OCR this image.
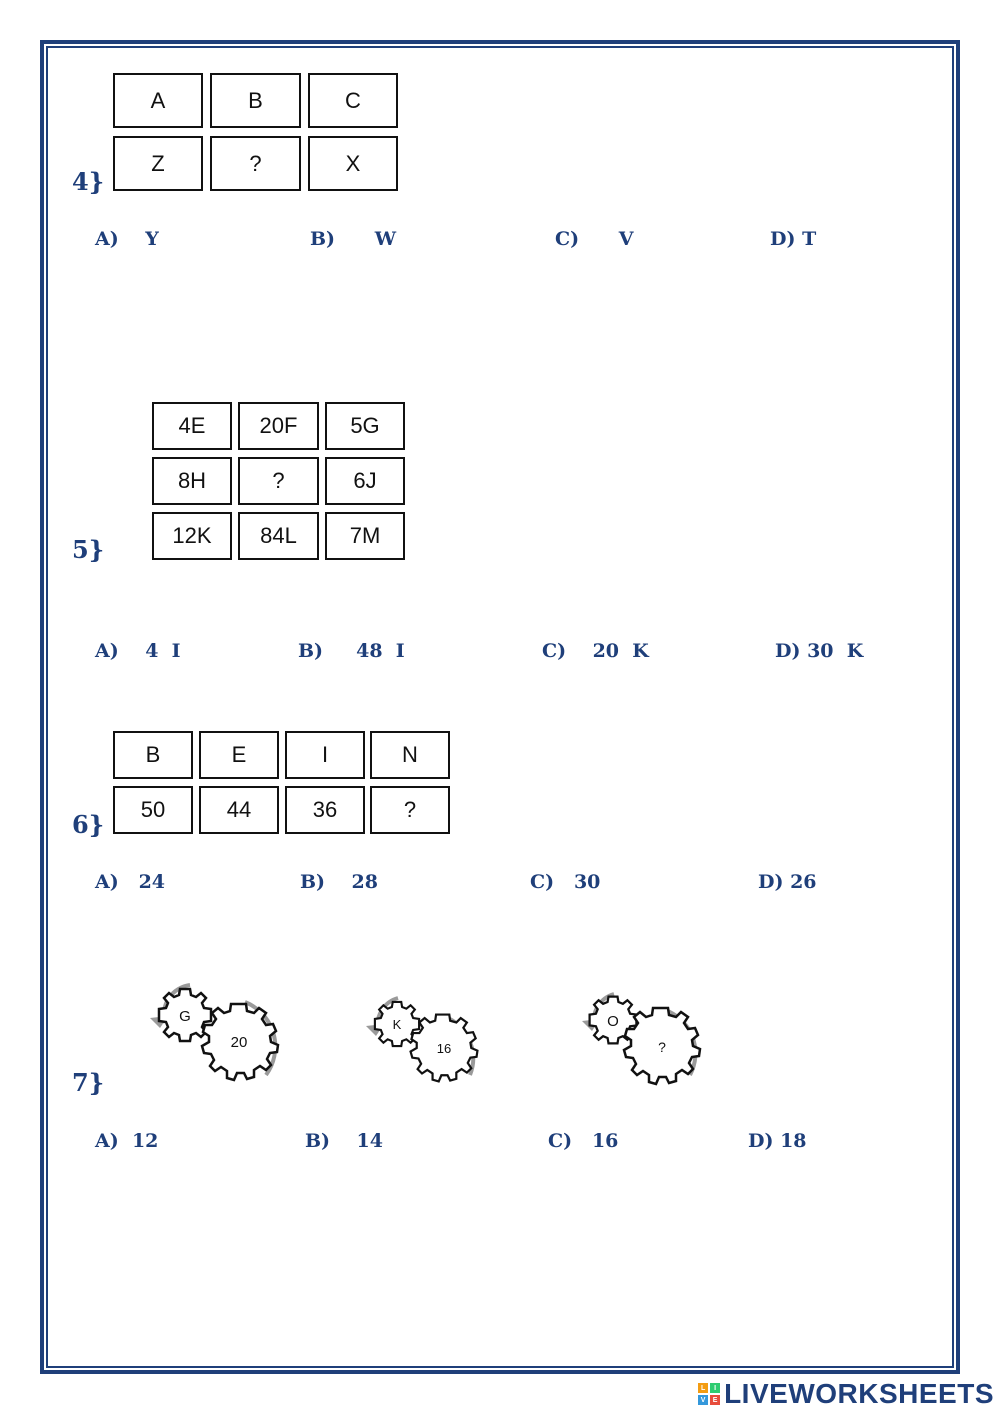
A	B	C
Z	?	X
4}
A)    Y	B)      W	C)      V	D) T
4E	20F	5G
8H	?	6J
12K	84L	7M
5}
A)    4  I	B)     48  I	C)    20  K	D) 30  K
B	E	I	N
50	44	36	?
6}
A)   24	B)    28	C)   30	D) 26
G
20
K
16
O
?
7}
A)  12	B)    14	C)   16	D) 18
L	I
V	E LIVEWORKSHEETS
